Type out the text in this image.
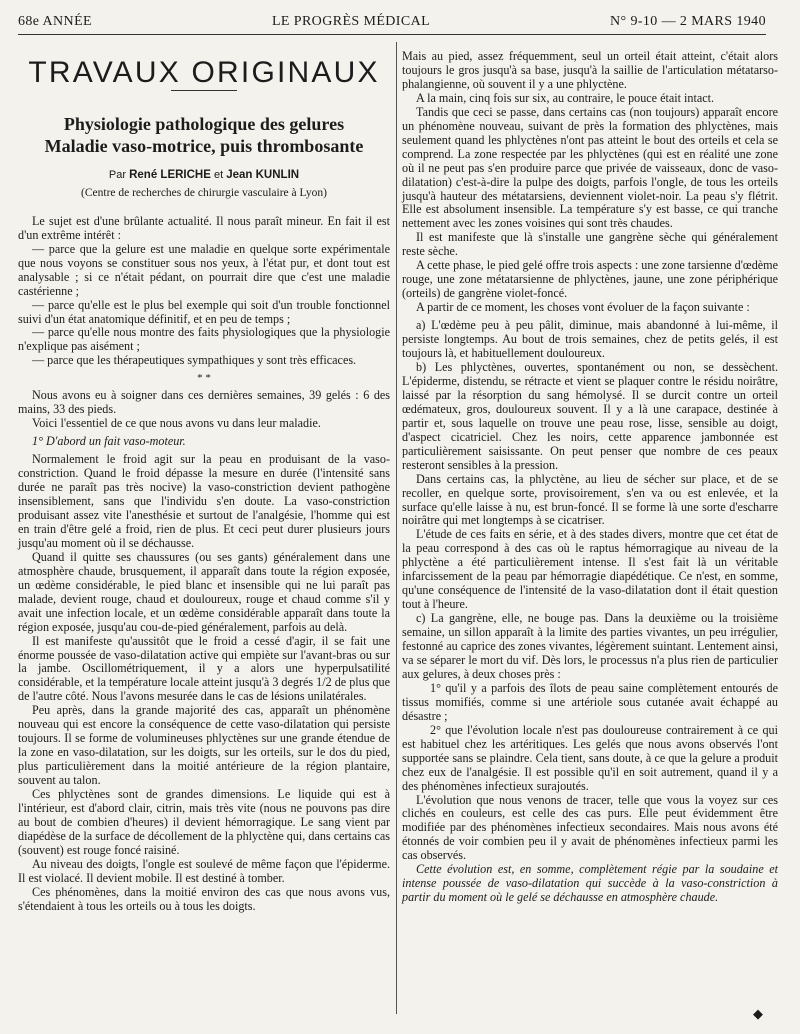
68e ANNÉE	LE PROGRÈS MÉDICAL	N° 9-10 — 2 MARS 1940
TRAVAUX ORIGINAUX
Physiologie pathologique des gelures
Maladie vaso-motrice, puis thrombosante
Par René LERICHE et Jean KUNLIN
(Centre de recherches de chirurgie vasculaire à Lyon)

Le sujet est d'une brûlante actualité. Il nous paraît mineur. En fait il est d'un extrême intérêt :

— parce que la gelure est une maladie en quelque sorte expérimentale que nous voyons se constituer sous nos yeux, à l'état pur, et dont tout est analysable ; si ce n'était pédant, on pourrait dire que c'est une maladie castérienne ;

— parce qu'elle est le plus bel exemple qui soit d'un trouble fonctionnel suivi d'un état anatomique définitif, et en peu de temps ;

— parce qu'elle nous montre des faits physiologiques que la physiologie n'explique pas aisément ;

— parce que les thérapeutiques sympathiques y sont très efficaces.

* *

Nous avons eu à soigner dans ces dernières semaines, 39 gelés : 6 des mains, 33 des pieds.

Voici l'essentiel de ce que nous avons vu dans leur maladie.

1° D'abord un fait vaso-moteur.

Normalement le froid agit sur la peau en produisant de la vaso-constriction. Quand le froid dépasse la mesure en durée (l'intensité sans durée ne paraît pas très nocive) la vaso-constriction devient pathogène insensiblement, sans que l'individu s'en doute. La vaso-constriction produisant assez vite l'anesthésie et surtout de l'analgésie, l'homme qui est en train d'être gelé a froid, rien de plus. Et ceci peut durer plusieurs jours jusqu'au moment où il se déchausse.

Quand il quitte ses chaussures (ou ses gants) généralement dans une atmosphère chaude, brusquement, il apparaît dans toute la région exposée, un œdème considérable, le pied blanc et insensible qui ne lui paraît pas malade, devient rouge, chaud et douloureux, rouge et chaud comme s'il y avait une infection locale, et un œdème considérable apparaît dans toute la région exposée, jusqu'au cou-de-pied généralement, parfois au delà.

Il est manifeste qu'aussitôt que le froid a cessé d'agir, il se fait une énorme poussée de vaso-dilatation active qui empiète sur l'avant-bras ou sur la jambe. Oscillométriquement, il y a alors une hyperpulsatilité considérable, et la température locale atteint jusqu'à 3 degrés 1/2 de plus que de l'autre côté. Nous l'avons mesurée dans le cas de lésions unilatérales.

Peu après, dans la grande majorité des cas, apparaît un phénomène nouveau qui est encore la conséquence de cette vaso-dilatation qui persiste toujours. Il se forme de volumineuses phlyctènes sur une grande étendue de la zone en vaso-dilatation, sur les doigts, sur les orteils, sur le dos du pied, plus particulièrement dans la moitié antérieure de la région plantaire, souvent au talon.

Ces phlyctènes sont de grandes dimensions. Le liquide qui est à l'intérieur, est d'abord clair, citrin, mais très vite (nous ne pouvons pas dire au bout de combien d'heures) il devient hémorragique. Le sang vient par diapédèse de la surface de décollement de la phlyctène qui, dans certains cas (souvent) est rouge foncé raisiné.

Au niveau des doigts, l'ongle est soulevé de même façon que l'épiderme. Il est violacé. Il devient mobile. Il est destiné à tomber.

Ces phénomènes, dans la moitié environ des cas que nous avons vus, s'étendaient à tous les orteils ou à tous les doigts.

Mais au pied, assez fréquemment, seul un orteil était atteint, c'était alors toujours le gros jusqu'à sa base, jusqu'à la saillie de l'articulation métatarso-phalangienne, où souvent il y a une phlyctène.

A la main, cinq fois sur six, au contraire, le pouce était intact.

Tandis que ceci se passe, dans certains cas (non toujours) apparaît encore un phénomène nouveau, suivant de près la formation des phlyctènes, mais seulement quand les phlyctènes n'ont pas atteint le bout des orteils et cela se comprend. La zone respectée par les phlyctènes (qui est en réalité une zone où il ne peut pas s'en produire parce que privée de vaisseaux, donc de vaso-dilatation) c'est-à-dire la pulpe des doigts, parfois l'ongle, de tous les orteils jusqu'à hauteur des métatarsiens, deviennent violet-noir. La peau s'y flétrit. Elle est absolument insensible. La température s'y est basse, ce qui tranche nettement avec les zones voisines qui sont très chaudes.

Il est manifeste que là s'installe une gangrène sèche qui généralement reste sèche.

A cette phase, le pied gelé offre trois aspects : une zone tarsienne d'œdème rouge, une zone métatarsienne de phlyctènes, jaune, une zone périphérique (orteils) de gangrène violet-foncé.

A partir de ce moment, les choses vont évoluer de la façon suivante :

a) L'œdème peu à peu pâlit, diminue, mais abandonné à lui-même, il persiste longtemps. Au bout de trois semaines, chez de petits gelés, il est toujours là, et habituellement douloureux.

b) Les phlyctènes, ouvertes, spontanément ou non, se dessèchent. L'épiderme, distendu, se rétracte et vient se plaquer contre le résidu noirâtre, laissé par la résorption du sang hémolysé. Il se durcit contre un orteil œdémateux, gros, douloureux souvent. Il y a là une carapace, destinée à partir et, sous laquelle on trouve une peau rose, lisse, sensible au doigt, d'aspect cicatriciel. Chez les noirs, cette apparence jambonnée est particulièrement saisissante. On peut penser que nombre de ces peaux resteront sensibles à la pression.

Dans certains cas, la phlyctène, au lieu de sécher sur place, et de se recoller, en quelque sorte, provisoirement, s'en va ou est enlevée, et la surface qu'elle laisse à nu, est brun-foncé. Il se forme là une sorte d'escharre noirâtre qui met longtemps à se cicatriser.

L'étude de ces faits en série, et à des stades divers, montre que cet état de la peau correspond à des cas où le raptus hémorragique au niveau de la phlyctène a été particulièrement intense. Il s'est fait là un véritable infarcissement de la peau par hémorragie diapédétique. Ce n'est, en somme, qu'une conséquence de l'intensité de la vaso-dilatation dont il était question tout à l'heure.

c) La gangrène, elle, ne bouge pas. Dans la deuxième ou la troisième semaine, un sillon apparaît à la limite des parties vivantes, un peu irrégulier, festonné au caprice des zones vivantes, légèrement suintant. Lentement ainsi, va se séparer le mort du vif. Dès lors, le processus n'a plus rien de particulier aux gelures, à deux choses près :

1° qu'il y a parfois des îlots de peau saine complètement entourés de tissus momifiés, comme si une artériole sous cutanée avait échappé au désastre ;

2° que l'évolution locale n'est pas douloureuse contrairement à ce qui est habituel chez les artéritiques. Les gelés que nous avons observés l'ont supportée sans se plaindre. Cela tient, sans doute, à ce que la gelure a produit chez eux de l'analgésie. Il est possible qu'il en soit autrement, quand il y a des phénomènes infectieux surajoutés.

L'évolution que nous venons de tracer, telle que vous la voyez sur ces clichés en couleurs, est celle des cas purs. Elle peut évidemment être modifiée par des phénomènes infectieux secondaires. Mais nous avons été étonnés de voir combien peu il y avait de phénomènes infectieux parmi les cas observés.

Cette évolution est, en somme, complètement régie par la soudaine et intense poussée de vaso-dilatation qui succède à la vaso-constriction à partir du moment où le gelé se déchausse en atmosphère chaude.

◆
